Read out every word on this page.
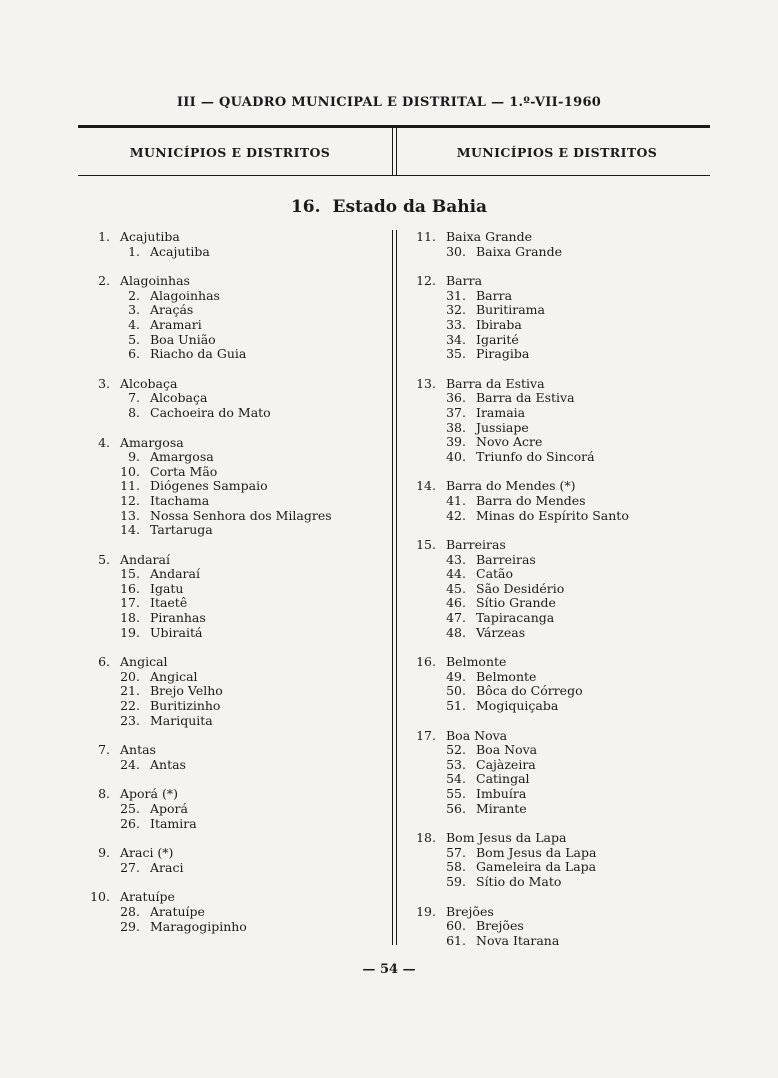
III — QUADRO MUNICIPAL E DISTRITAL — 1.º-VII-1960
MUNICÍPIOS E DISTRITOS	MUNICÍPIOS E DISTRITOS
16. Estado da Bahia
1. Acajutiba
1. Acajutiba
2. Alagoinhas
2. Alagoinhas
3. Araçás
4. Aramari
5. Boa União
6. Riacho da Guia
3. Alcobaça
7. Alcobaça
8. Cachoeira do Mato
4. Amargosa
9. Amargosa
10. Corta Mão
11. Diógenes Sampaio
12. Itachama
13. Nossa Senhora dos Milagres
14. Tartaruga
5. Andaraí
15. Andaraí
16. Igatu
17. Itaetê
18. Piranhas
19. Ubiraitá
6. Angical
20. Angical
21. Brejo Velho
22. Buritizinho
23. Mariquita
7. Antas
24. Antas
8. Aporá (*)
25. Aporá
26. Itamira
9. Araci (*)
27. Araci
10. Aratuípe
28. Aratuípe
29. Maragogipinho
11. Baixa Grande
30. Baixa Grande
12. Barra
31. Barra
32. Buritirama
33. Ibiraba
34. Igarité
35. Piragiba
13. Barra da Estiva
36. Barra da Estiva
37. Iramaia
38. Jussiape
39. Novo Acre
40. Triunfo do Sincorá
14. Barra do Mendes (*)
41. Barra do Mendes
42. Minas do Espírito Santo
15. Barreiras
43. Barreiras
44. Catão
45. São Desidério
46. Sítio Grande
47. Tapiracanga
48. Várzeas
16. Belmonte
49. Belmonte
50. Bôca do Córrego
51. Mogiquiçaba
17. Boa Nova
52. Boa Nova
53. Cajàzeira
54. Catingal
55. Imbuíra
56. Mirante
18. Bom Jesus da Lapa
57. Bom Jesus da Lapa
58. Gameleira da Lapa
59. Sítio do Mato
19. Brejões
60. Brejões
61. Nova Itarana
— 54 —
